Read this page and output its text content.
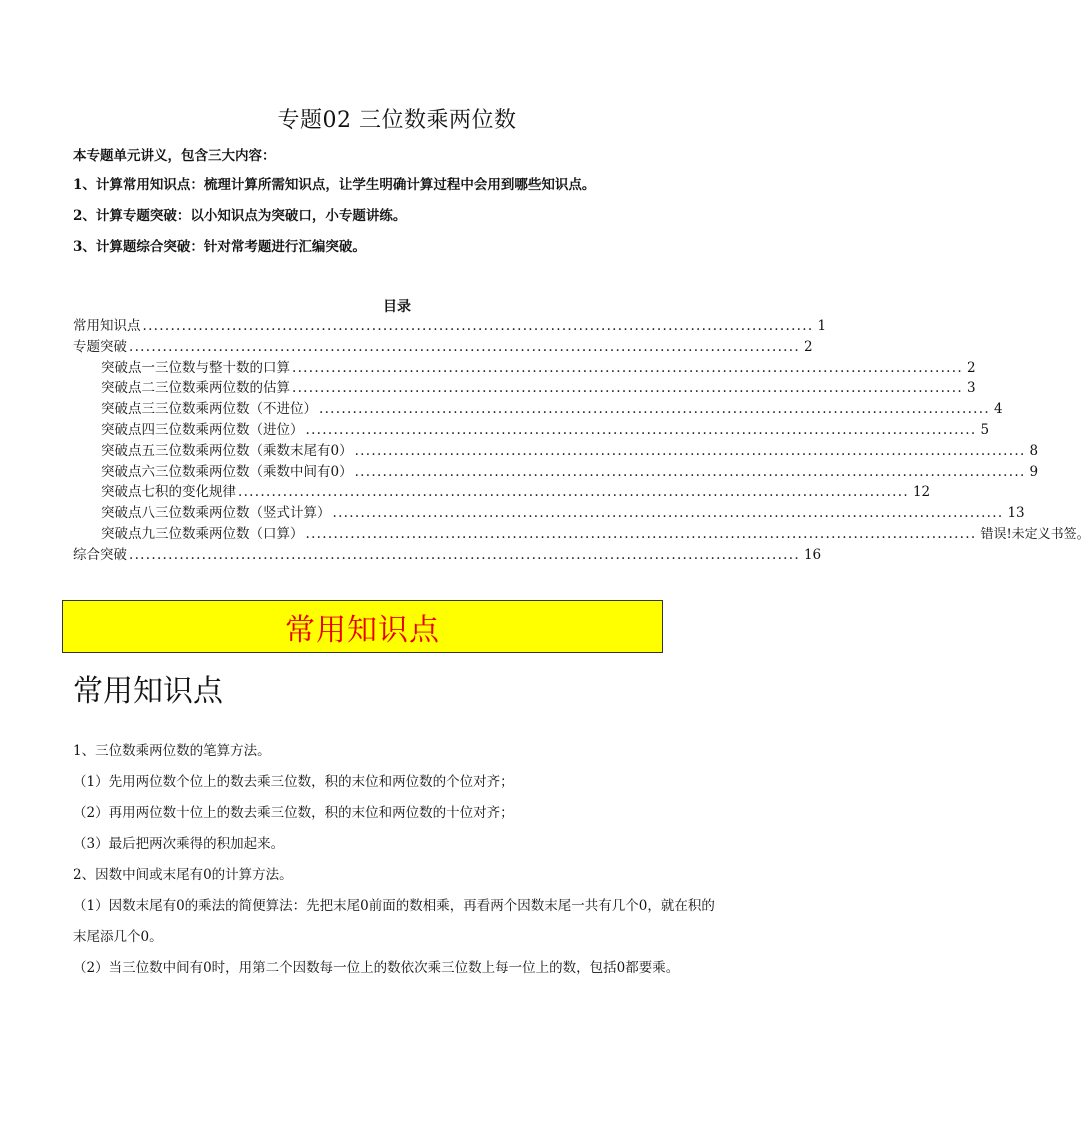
专题02 三位数乘两位数
本专题单元讲义，包含三大内容：
1、计算常用知识点：梳理计算所需知识点，让学生明确计算过程中会用到哪些知识点。
2、计算专题突破：以小知识点为突破口，小专题讲练。
3、计算题综合突破：针对常考题进行汇编突破。
目录
常用知识点 ........................................................................................................................ 1
专题突破 ........................................................................................................................ 2
突破点一三位数与整十数的口算 ........................................................................................................................ 2
突破点二三位数乘两位数的估算 ........................................................................................................................ 3
突破点三三位数乘两位数（不进位） ........................................................................................................................ 4
突破点四三位数乘两位数（进位） ........................................................................................................................ 5
突破点五三位数乘两位数（乘数末尾有0） ........................................................................................................................ 8
突破点六三位数乘两位数（乘数中间有0） ........................................................................................................................ 9
突破点七积的变化规律 ........................................................................................................................ 12
突破点八三位数乘两位数（竖式计算） ........................................................................................................................ 13
突破点九三位数乘两位数（口算） ........................................................................................................................ 错误!未定义书签。
综合突破 ........................................................................................................................ 16
常用知识点
常用知识点

1、三位数乘两位数的笔算方法。

（1）先用两位数个位上的数去乘三位数，积的末位和两位数的个位对齐；

（2）再用两位数十位上的数去乘三位数，积的末位和两位数的十位对齐；

（3）最后把两次乘得的积加起来。

2、因数中间或末尾有0的计算方法。

（1）因数末尾有0的乘法的简便算法：先把末尾0前面的数相乘，再看两个因数末尾一共有几个0，就在积的末尾添几个0。

（2）当三位数中间有0时，用第二个因数每一位上的数依次乘三位数上每一位上的数，包括0都要乘。
